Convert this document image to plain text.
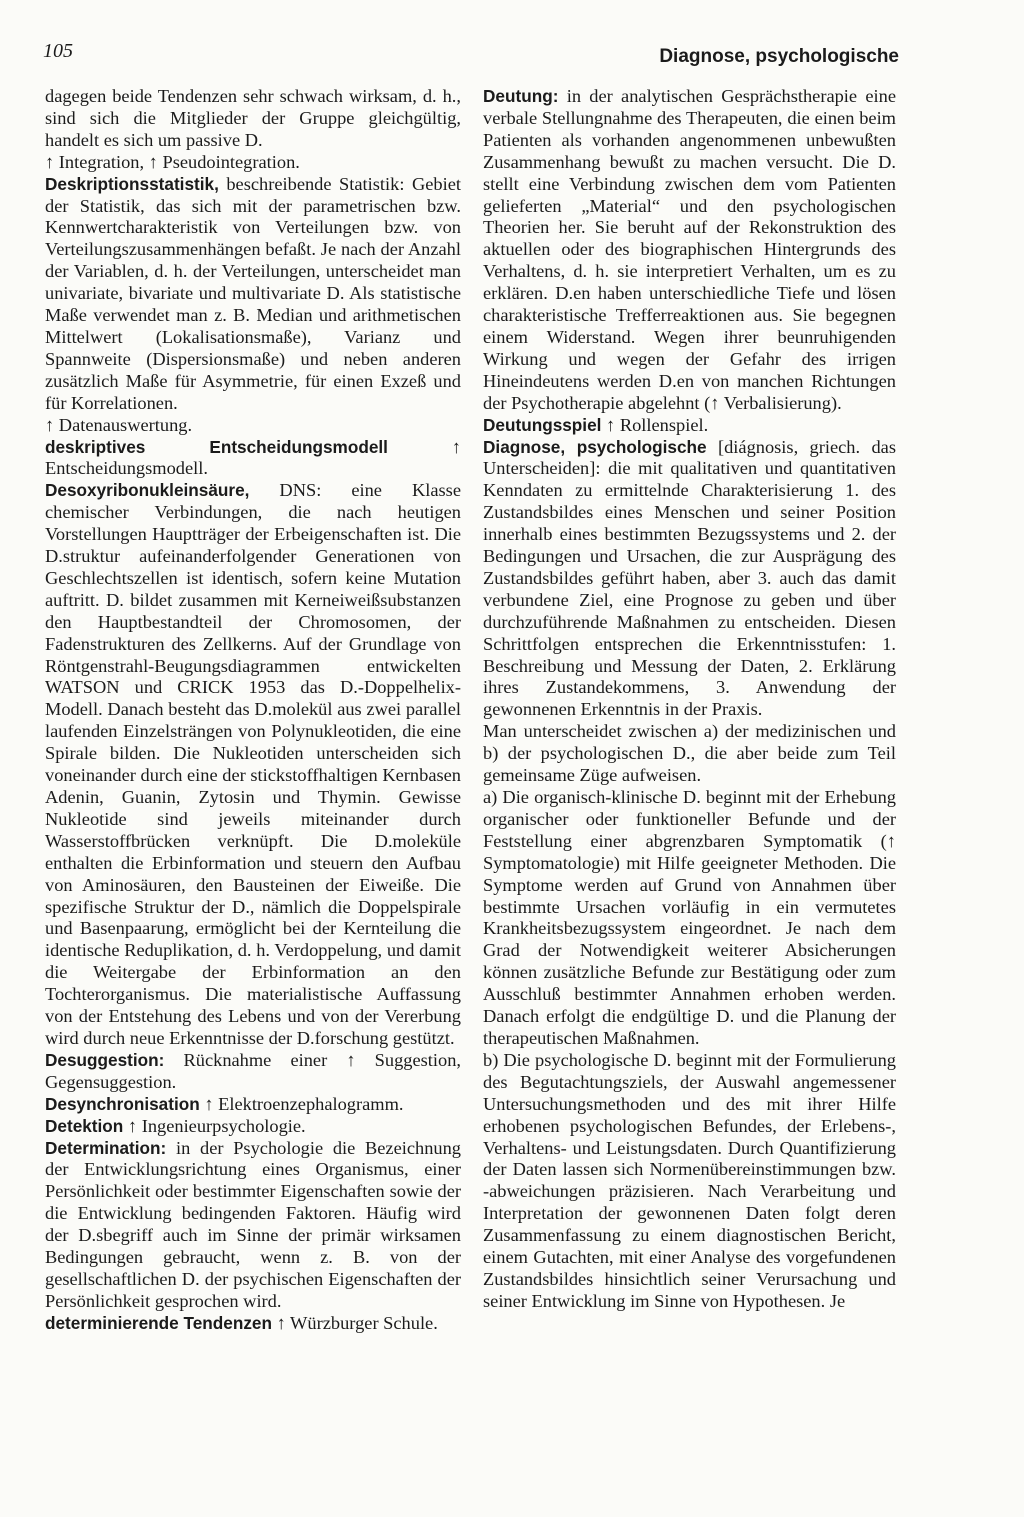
105	Diagnose, psychologische

dagegen beide Tendenzen sehr schwach wirksam, d. h., sind sich die Mitglieder der Gruppe gleichgültig, handelt es sich um passive D.

↑ Integration, ↑ Pseudointegration.

Deskriptionsstatistik, beschreibende Statistik: Gebiet der Statistik, das sich mit der parametrischen bzw. Kennwertcharakteristik von Verteilungen bzw. von Verteilungszusammenhängen befaßt. Je nach der Anzahl der Variablen, d. h. der Verteilungen, unterscheidet man univariate, bivariate und multivariate D. Als statistische Maße verwendet man z. B. Median und arithmetischen Mittelwert (Lokalisationsmaße), Varianz und Spannweite (Dispersionsmaße) und neben anderen zusätzlich Maße für Asymmetrie, für einen Exzeß und für Korrelationen.

↑ Datenauswertung.

deskriptives Entscheidungsmodell ↑ Entscheidungsmodell.

Desoxyribonukleinsäure, DNS: eine Klasse chemischer Verbindungen, die nach heutigen Vorstellungen Hauptträger der Erbeigenschaften ist. Die D.struktur aufeinanderfolgender Generationen von Geschlechtszellen ist identisch, sofern keine Mutation auftritt. D. bildet zusammen mit Kerneiweißsubstanzen den Hauptbestandteil der Chromosomen, der Fadenstrukturen des Zellkerns. Auf der Grundlage von Röntgenstrahl-Beugungsdiagrammen entwickelten WATSON und CRICK 1953 das D.-Doppelhelix-Modell. Danach besteht das D.molekül aus zwei parallel laufenden Einzelsträngen von Polynukleotiden, die eine Spirale bilden. Die Nukleotiden unterscheiden sich voneinander durch eine der stickstoffhaltigen Kernbasen Adenin, Guanin, Zytosin und Thymin. Gewisse Nukleotide sind jeweils miteinander durch Wasserstoffbrücken verknüpft. Die D.moleküle enthalten die Erbinformation und steuern den Aufbau von Aminosäuren, den Bausteinen der Eiweiße. Die spezifische Struktur der D., nämlich die Doppelspirale und Basenpaarung, ermöglicht bei der Kernteilung die identische Reduplikation, d. h. Verdoppelung, und damit die Weitergabe der Erbinformation an den Tochterorganismus. Die materialistische Auffassung von der Entstehung des Lebens und von der Vererbung wird durch neue Erkenntnisse der D.forschung gestützt.

Desuggestion: Rücknahme einer ↑ Suggestion, Gegensuggestion.

Desynchronisation ↑ Elektroenzephalogramm.

Detektion ↑ Ingenieurpsychologie.

Determination: in der Psychologie die Bezeichnung der Entwicklungsrichtung eines Organismus, einer Persönlichkeit oder bestimmter Eigenschaften sowie der die Entwicklung bedingenden Faktoren. Häufig wird der D.sbegriff auch im Sinne der primär wirksamen Bedingungen gebraucht, wenn z. B. von der gesellschaftlichen D. der psychischen Eigenschaften der Persönlichkeit gesprochen wird.

determinierende Tendenzen ↑ Würzburger Schule.

Deutung: in der analytischen Gesprächstherapie eine verbale Stellungnahme des Therapeuten, die einen beim Patienten als vorhanden angenommenen unbewußten Zusammenhang bewußt zu machen versucht. Die D. stellt eine Verbindung zwischen dem vom Patienten gelieferten „Material“ und den psychologischen Theorien her. Sie beruht auf der Rekonstruktion des aktuellen oder des biographischen Hintergrunds des Verhaltens, d. h. sie interpretiert Verhalten, um es zu erklären. D.en haben unterschiedliche Tiefe und lösen charakteristische Trefferreaktionen aus. Sie begegnen einem Widerstand. Wegen ihrer beunruhigenden Wirkung und wegen der Gefahr des irrigen Hineindeutens werden D.en von manchen Richtungen der Psychotherapie abgelehnt (↑ Verbalisierung).

Deutungsspiel ↑ Rollenspiel.

Diagnose, psychologische [diágnosis, griech. das Unterscheiden]: die mit qualitativen und quantitativen Kenndaten zu ermittelnde Charakterisierung 1. des Zustandsbildes eines Menschen und seiner Position innerhalb eines bestimmten Bezugssystems und 2. der Bedingungen und Ursachen, die zur Ausprägung des Zustandsbildes geführt haben, aber 3. auch das damit verbundene Ziel, eine Prognose zu geben und über durchzuführende Maßnahmen zu entscheiden. Diesen Schrittfolgen entsprechen die Erkenntnisstufen: 1. Beschreibung und Messung der Daten, 2. Erklärung ihres Zustandekommens, 3. Anwendung der gewonnenen Erkenntnis in der Praxis.

Man unterscheidet zwischen a) der medizinischen und b) der psychologischen D., die aber beide zum Teil gemeinsame Züge aufweisen.

a) Die organisch-klinische D. beginnt mit der Erhebung organischer oder funktioneller Befunde und der Feststellung einer abgrenzbaren Symptomatik (↑ Symptomatologie) mit Hilfe geeigneter Methoden. Die Symptome werden auf Grund von Annahmen über bestimmte Ursachen vorläufig in ein vermutetes Krankheitsbezugssystem eingeordnet. Je nach dem Grad der Notwendigkeit weiterer Absicherungen können zusätzliche Befunde zur Bestätigung oder zum Ausschluß bestimmter Annahmen erhoben werden. Danach erfolgt die endgültige D. und die Planung der therapeutischen Maßnahmen.

b) Die psychologische D. beginnt mit der Formulierung des Begutachtungsziels, der Auswahl angemessener Untersuchungsmethoden und des mit ihrer Hilfe erhobenen psychologischen Befundes, der Erlebens-, Verhaltens- und Leistungsdaten. Durch Quantifizierung der Daten lassen sich Normenübereinstimmungen bzw. -abweichungen präzisieren. Nach Verarbeitung und Interpretation der gewonnenen Daten folgt deren Zusammenfassung zu einem diagnostischen Bericht, einem Gutachten, mit einer Analyse des vorgefundenen Zustandsbildes hinsichtlich seiner Verursachung und seiner Entwicklung im Sinne von Hypothesen. Je
